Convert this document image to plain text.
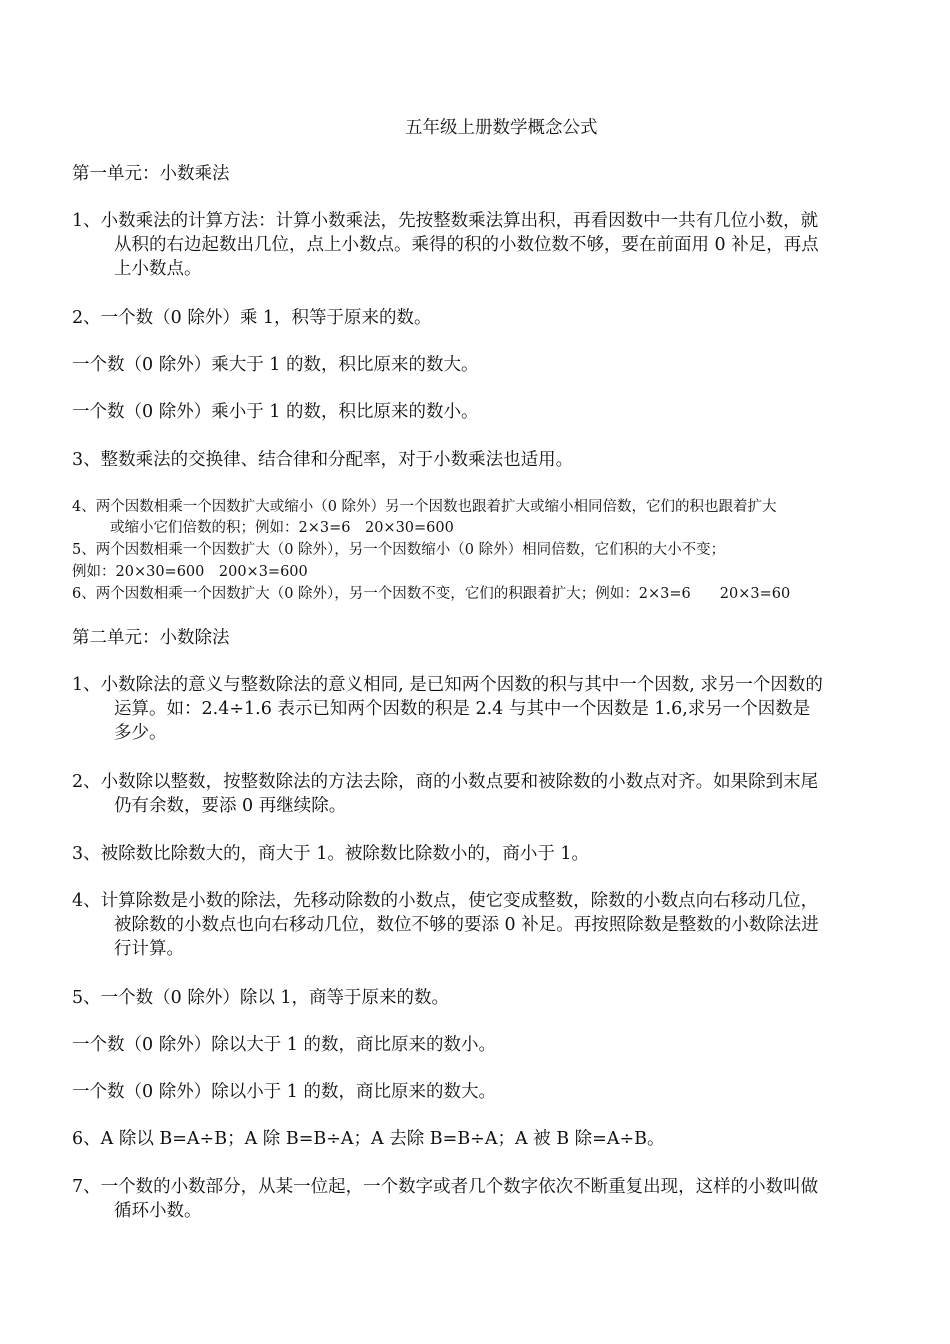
五年级上册数学概念公式
第一单元：小数乘法
1、小数乘法的计算方法：计算小数乘法，先按整数乘法算出积，再看因数中一共有几位小数，就
从积的右边起数出几位，点上小数点。乘得的积的小数位数不够，要在前面用 0 补足，再点
上小数点。
2、一个数（0 除外）乘 1，积等于原来的数。
一个数（0 除外）乘大于 1 的数，积比原来的数大。
一个数（0 除外）乘小于 1 的数，积比原来的数小。
3、整数乘法的交换律、结合律和分配率，对于小数乘法也适用。
4、两个因数相乘一个因数扩大或缩小（0 除外）另一个因数也跟着扩大或缩小相同倍数，它们的积也跟着扩大
或缩小它们倍数的积；例如：2×3=6　20×30=600
5、两个因数相乘一个因数扩大（0 除外），另一个因数缩小（0 除外）相同倍数，它们积的大小不变；
例如：20×30=600　200×3=600
6、两个因数相乘一个因数扩大（0 除外），另一个因数不变，它们的积跟着扩大；例如：2×3=6　　20×3=60
第二单元：小数除法
1、小数除法的意义与整数除法的意义相同, 是已知两个因数的积与其中一个因数, 求另一个因数的
运算。如：2.4÷1.6 表示已知两个因数的积是 2.4 与其中一个因数是 1.6,求另一个因数是
多少。
2、小数除以整数，按整数除法的方法去除，商的小数点要和被除数的小数点对齐。如果除到末尾
仍有余数，要添 0 再继续除。
3、被除数比除数大的，商大于 1。被除数比除数小的，商小于 1。
4、计算除数是小数的除法，先移动除数的小数点，使它变成整数，除数的小数点向右移动几位，
被除数的小数点也向右移动几位，数位不够的要添 0 补足。再按照除数是整数的小数除法进
行计算。
5、一个数（0 除外）除以 1，商等于原来的数。
一个数（0 除外）除以大于 1 的数，商比原来的数小。
一个数（0 除外）除以小于 1 的数，商比原来的数大。
6、A 除以 B=A÷B；A 除 B=B÷A；A 去除 B=B÷A；A 被 B 除=A÷B。
7、一个数的小数部分，从某一位起，一个数字或者几个数字依次不断重复出现，这样的小数叫做
循环小数。
